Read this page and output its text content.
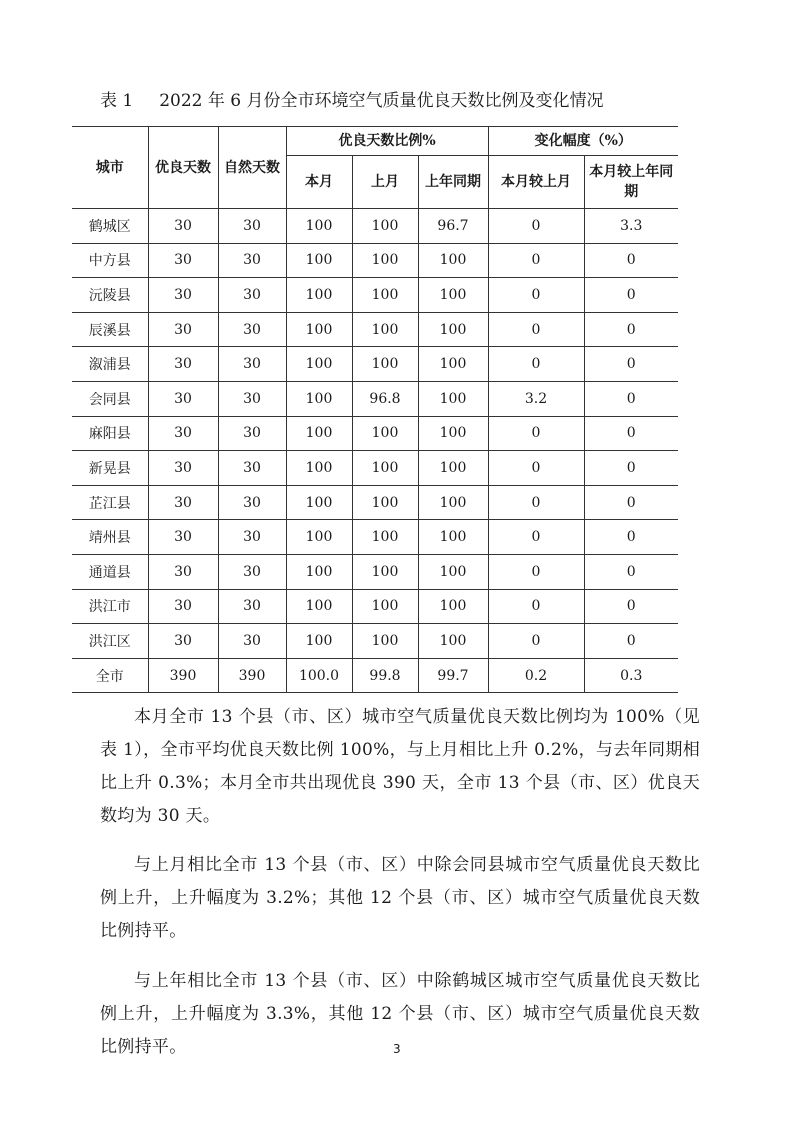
表 1 2022 年 6 月份全市环境空气质量优良天数比例及变化情况
城市	优良天数	自然天数	优良天数比例%			变化幅度（%）	
			本月	上月	上年同期	本月较上月	本月较上年同期
鹤城区	30	30	100	100	96.7	0	3.3
中方县	30	30	100	100	100	0	0
沅陵县	30	30	100	100	100	0	0
辰溪县	30	30	100	100	100	0	0
溆浦县	30	30	100	100	100	0	0
会同县	30	30	100	96.8	100	3.2	0
麻阳县	30	30	100	100	100	0	0
新晃县	30	30	100	100	100	0	0
芷江县	30	30	100	100	100	0	0
靖州县	30	30	100	100	100	0	0
通道县	30	30	100	100	100	0	0
洪江市	30	30	100	100	100	0	0
洪江区	30	30	100	100	100	0	0
全市	390	390	100.0	99.8	99.7	0.2	0.3

本月全市 13 个县（市、区）城市空气质量优良天数比例均为 100%（见表 1），全市平均优良天数比例 100%，与上月相比上升 0.2%，与去年同期相比上升 0.3%；本月全市共出现优良 390 天，全市 13 个县（市、区）优良天数均为 30 天。

与上月相比全市 13 个县（市、区）中除会同县城市空气质量优良天数比例上升，上升幅度为 3.2%；其他 12 个县（市、区）城市空气质量优良天数比例持平。

与上年相比全市 13 个县（市、区）中除鹤城区城市空气质量优良天数比例上升，上升幅度为 3.3%，其他 12 个县（市、区）城市空气质量优良天数比例持平。	3
